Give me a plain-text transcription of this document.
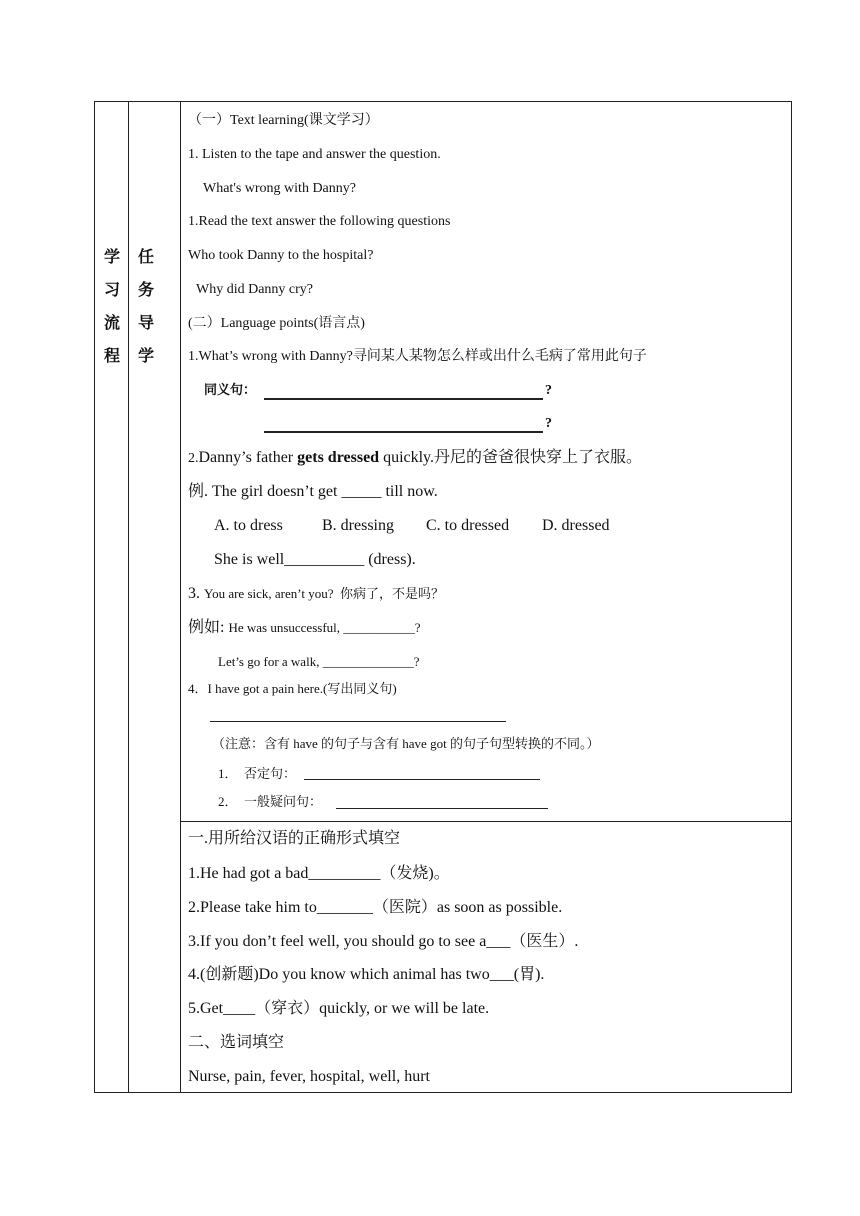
学
习
流
程
任
务
导
学
（一）Text learning(课文学习）
1. Listen to the tape and answer the question.
What's wrong with Danny?
1.Read the text answer the following questions
Who took Danny to the hospital?
Why did Danny cry?
(二）Language points(语言点)
1.What’s wrong with Danny?寻问某人某物怎么样或出什么毛病了常用此句子
同义句：	?
?
2.Danny’s father gets dressed quickly.丹尼的爸爸很快穿上了衣服。
例. The girl doesn’t get _____ till now.
A. to dress B. dressing C. to dressed D. dressed
She is well__________ (dress).
3. You are sick, aren’t you?  你病了，不是吗？
例如: He was unsuccessful, ___________?
Let’s go for a walk, ______________?
4．I have got a pain here.(写出同义句)
（注意：含有 have 的句子与含有 have got 的句子句型转换的不同。）
1．  否定句：
2．  一般疑问句：
一.用所给汉语的正确形式填空
1.He had got a bad_________（发烧)。
2.Please take him to_______（医院）as soon as possible.
3.If you don’t feel well, you should go to see a___（医生）.
4.(创新题)Do you know which animal has two___(胃).
5.Get____（穿衣）quickly, or we will be late.
二、选词填空
Nurse, pain, fever, hospital, well, hurt
